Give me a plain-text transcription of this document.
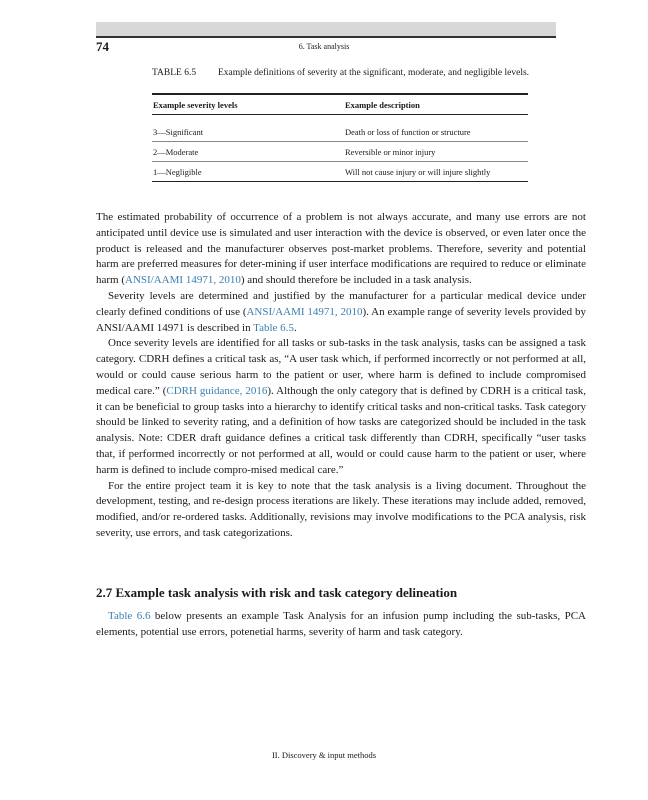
74	6. Task analysis
TABLE 6.5	Example definitions of severity at the significant, moderate, and negligible levels.
Example severity levels	Example description
3—Significant	Death or loss of function or structure
2—Moderate	Reversible or minor injury
1—Negligible	Will not cause injury or will injure slightly

The estimated probability of occurrence of a problem is not always accurate, and many use errors are not anticipated until device use is simulated and user interaction with the device is observed, or even later once the product is released and the manufacturer observes post-market problems. Therefore, severity and potential harm are preferred measures for deter-mining if user interface modifications are required to reduce or eliminate harm (ANSI/AAMI 14971, 2010) and should therefore be included in a task analysis.

Severity levels are determined and justified by the manufacturer for a particular medical device under clearly defined conditions of use (ANSI/AAMI 14971, 2010). An example range of severity levels provided by ANSI/AAMI 14971 is described in Table 6.5.

Once severity levels are identified for all tasks or sub-tasks in the task analysis, tasks can be assigned a task category. CDRH defines a critical task as, “A user task which, if performed incorrectly or not performed at all, would or could cause serious harm to the patient or user, where harm is defined to include compromised medical care.” (CDRH guidance, 2016). Although the only category that is defined by CDRH is a critical task, it can be beneficial to group tasks into a hierarchy to identify critical tasks and non-critical tasks. Task category should be linked to severity rating, and a definition of how tasks are categorized should be included in the task analysis. Note: CDER draft guidance defines a critical task differently than CDRH, specifically “user tasks that, if performed incorrectly or not performed at all, would or could cause harm to the patient or user, where harm is defined to include compro-mised medical care.”

For the entire project team it is key to note that the task analysis is a living document. Throughout the development, testing, and re-design process iterations are likely. These iterations may include added, removed, modified, and/or re-ordered tasks. Additionally, revisions may involve modifications to the PCA analysis, risk severity, use errors, and task categorizations.

2.7 Example task analysis with risk and task category delineation

Table 6.6 below presents an example Task Analysis for an infusion pump including the sub-tasks, PCA elements, potential use errors, potenetial harms, severity of harm and task category.

II. Discovery & input methods
